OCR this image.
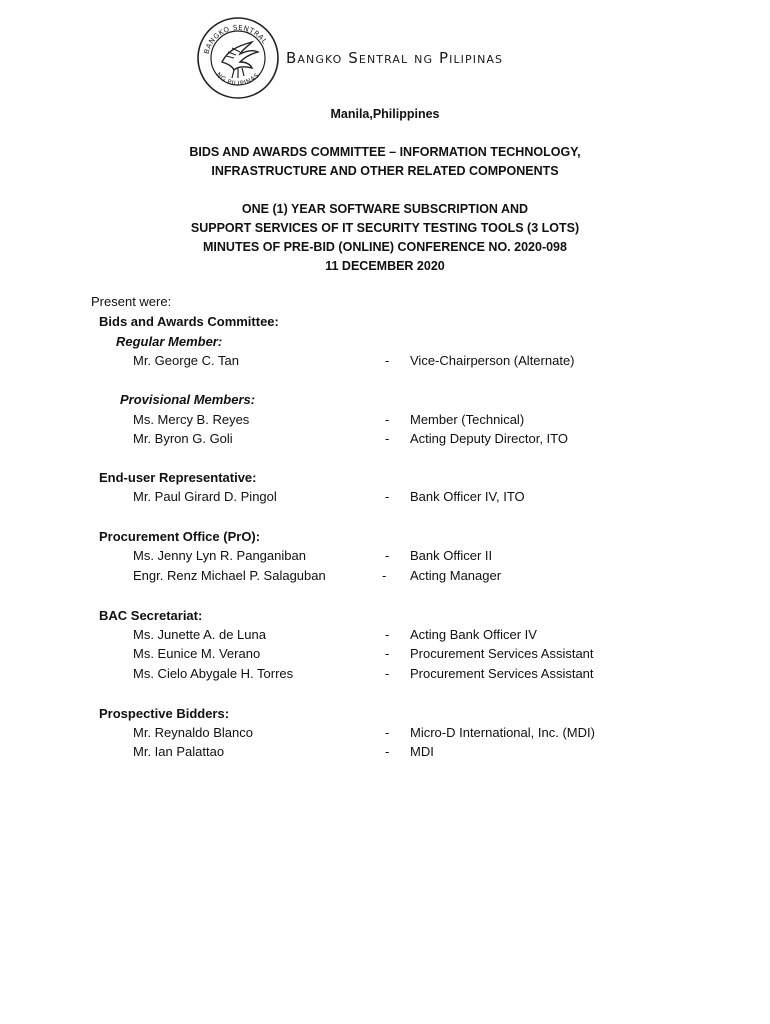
BANGKO SENTRAL
NG PILIPINAS
Bangko Sentral ng Pilipinas
Manila,Philippines
BIDS AND AWARDS COMMITTEE – INFORMATION TECHNOLOGY,
INFRASTRUCTURE AND OTHER RELATED COMPONENTS
ONE (1) YEAR SOFTWARE SUBSCRIPTION AND
SUPPORT SERVICES OF IT SECURITY TESTING TOOLS (3 LOTS)
MINUTES OF PRE-BID (ONLINE) CONFERENCE NO. 2020-098
11 DECEMBER 2020
Present were:
Bids and Awards Committee:
Regular Member:
Mr. George C. Tan	- Vice-Chairperson (Alternate)
Provisional Members:
Ms. Mercy B. Reyes	- Member (Technical)
Mr. Byron G. Goli	- Acting Deputy Director, ITO
End-user Representative:
Mr. Paul Girard D. Pingol	- Bank Officer IV, ITO
Procurement Office (PrO):
Ms. Jenny Lyn R. Panganiban	- Bank Officer II
Engr. Renz Michael P. Salaguban	- Acting Manager
BAC Secretariat:
Ms. Junette A. de Luna	- Acting Bank Officer IV
Ms. Eunice M. Verano	- Procurement Services Assistant
Ms. Cielo Abygale H. Torres	- Procurement Services Assistant
Prospective Bidders:
Mr. Reynaldo Blanco	- Micro-D International, Inc. (MDI)
Mr. Ian Palattao	- MDI
